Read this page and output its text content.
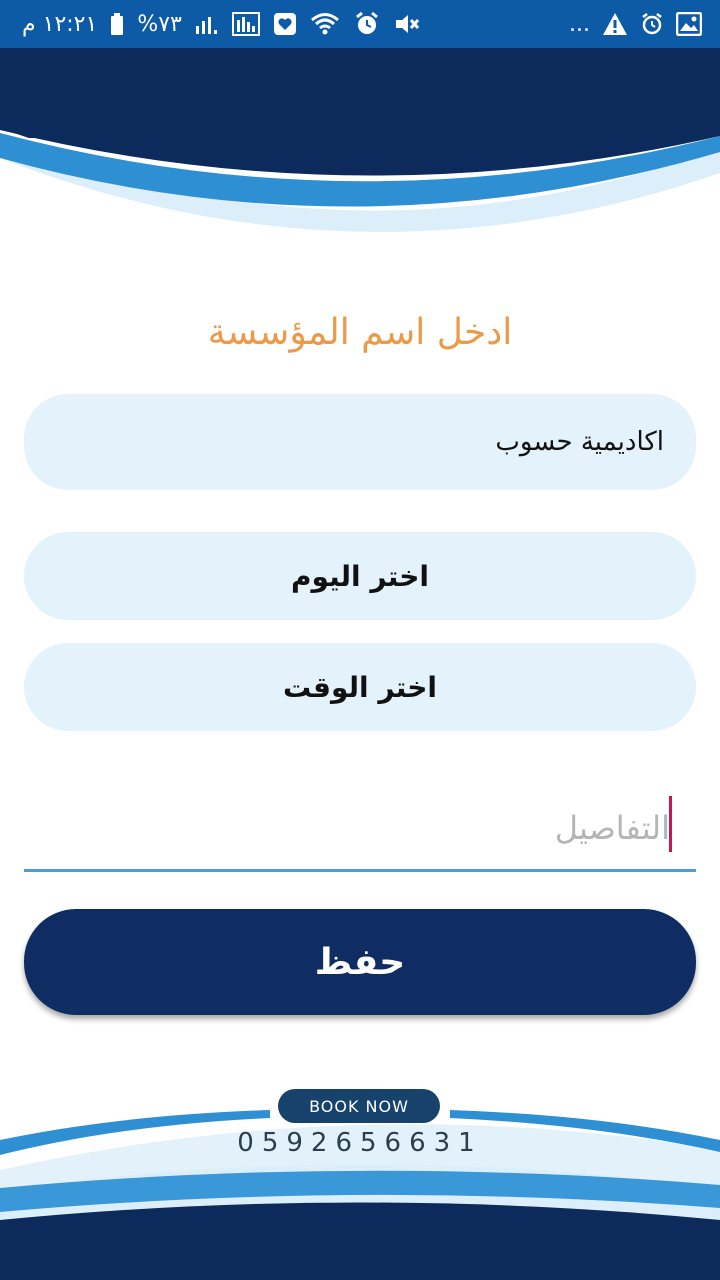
١٢:٢١ م %٧٣	...
ادخل اسم المؤسسة
اكاديمية حسوب
اختر اليوم
اختر الوقت
التفاصيل
حفظ
BOOK NOW
0592656631
